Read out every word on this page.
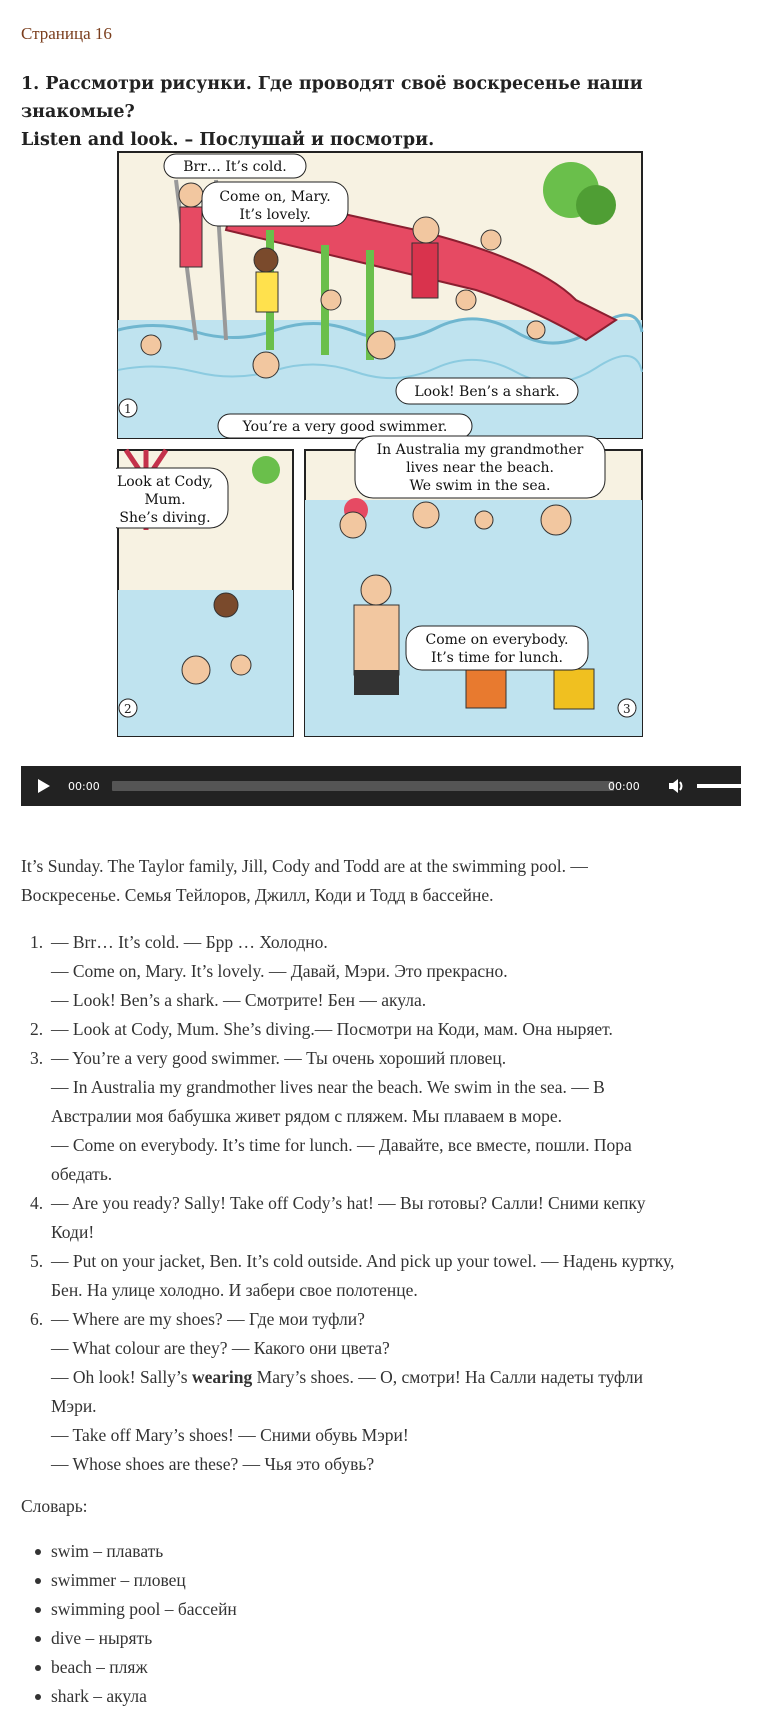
Страница 16
1. Рассмотри рисунки. Где проводят своё воскресенье наши знакомые?
Listen and look. – Послушай и посмотри.
1
2	3
Brr… It’s cold.
Come on, Mary.
It’s lovely.
Look! Ben’s a shark.
You’re a very good swimmer.
In Australia my grandmother
lives near the beach.
We swim in the sea.
Look at Cody,
Mum.
She’s diving.
Come on everybody.
It’s time for lunch.
00:00	00:00
It’s Sunday. The Taylor family, Jill, Cody and Todd are at the swimming pool. —
Воскресенье. Семья Тейлоров, Джилл, Коди и Тодд в бассейне.
1. — Brr… It’s cold. — Брр … Холодно.
— Come on, Mary. It’s lovely. — Давай, Мэри. Это прекрасно.
— Look! Ben’s a shark. — Смотрите! Бен — акула.
2. — Look at Cody, Mum. She’s diving.— Посмотри на Коди, мам. Она ныряет.
3. — You’re a very good swimmer. — Ты очень хороший пловец.
— In Australia my grandmother lives near the beach. We swim in the sea. — В
Австралии моя бабушка живет рядом с пляжем. Мы плаваем в море.
— Come on everybody. It’s time for lunch. — Давайте, все вместе, пошли. Пора
обедать.
4. — Are you ready? Sally! Take off Cody’s hat! — Вы готовы? Салли! Сними кепку
Коди!
5. — Put on your jacket, Ben. It’s cold outside. And pick up your towel. — Надень куртку,
Бен. На улице холодно. И забери свое полотенце.
6. — Where are my shoes? — Где мои туфли?
— What colour are they? — Какого они цвета?
— Oh look! Sally’s wearing Mary’s shoes. — О, смотри! На Салли надеты туфли
Мэри.
— Take off Mary’s shoes! — Сними обувь Мэри!
— Whose shoes are these? — Чья это обувь?
Словарь:
swim – плавать
swimmer – пловец
swimming pool – бассейн
dive – нырять
beach – пляж
shark – акула
